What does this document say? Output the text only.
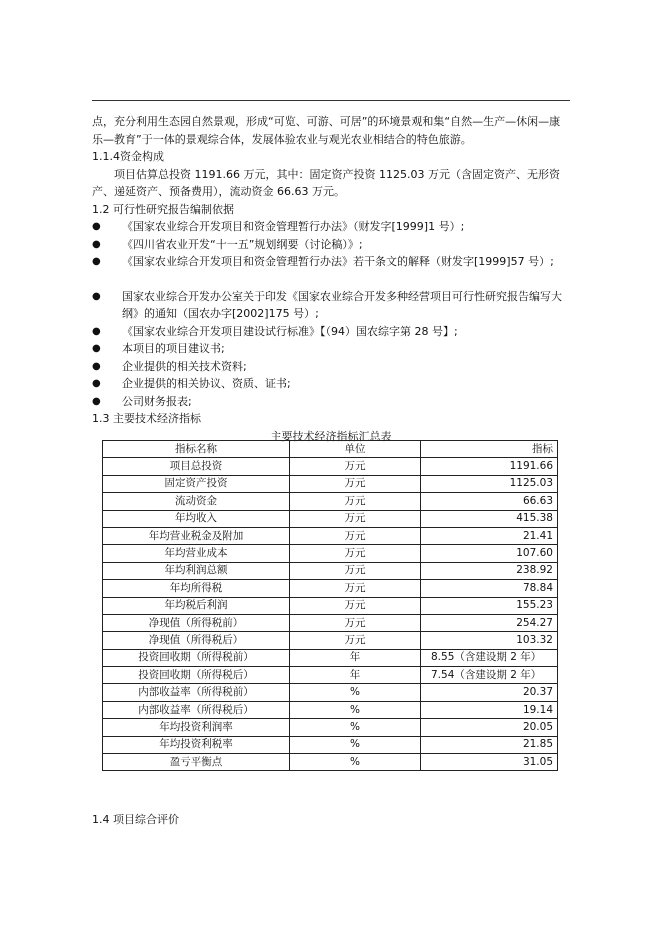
点，充分利用生态园自然景观，形成“可览、可游、可居”的环境景观和集“自然—生产—休闲—康乐—教育”于一体的景观综合体，发展体验农业与观光农业相结合的特色旅游。

1.1.4资金构成

项目估算总投资 1191.66 万元，其中：固定资产投资 1125.03 万元（含固定资产、无形资产、递延资产、预备费用），流动资金 66.63 万元。

1.2 可行性研究报告编制依据

● 《国家农业综合开发项目和资金管理暂行办法》（财发字[1999]1 号）;
● 《四川省农业开发“十一五”规划纲要（讨论稿）》;
● 《国家农业综合开发项目和资金管理暂行办法》若干条文的解释（财发字[1999]57 号）;
● 国家农业综合开发办公室关于印发《国家农业综合开发多种经营项目可行性研究报告编写大纲》的通知（国农办字[2002]175 号）;
● 《国家农业综合开发项目建设试行标准》【（94）国农综字第 28 号】;
● 本项目的项目建议书;
● 企业提供的相关技术资料;
● 企业提供的相关协议、资质、证书;
● 公司财务报表;

1.3 主要技术经济指标

主要技术经济指标汇总表

指标名称	单位	指标
项目总投资	万元	1191.66
固定资产投资	万元	1125.03
流动资金	万元	66.63
年均收入	万元	415.38
年均营业税金及附加	万元	21.41
年均营业成本	万元	107.60
年均利润总额	万元	238.92
年均所得税	万元	78.84
年均税后利润	万元	155.23
净现值（所得税前）	万元	254.27
净现值（所得税后）	万元	103.32
投资回收期（所得税前）	年	8.55（含建设期 2 年）
投资回收期（所得税后）	年	7.54（含建设期 2 年）
内部收益率（所得税前）	%	20.37
内部收益率（所得税后）	%	19.14
年均投资利润率	%	20.05
年均投资利税率	%	21.85
盈亏平衡点	%	31.05

1.4 项目综合评价
